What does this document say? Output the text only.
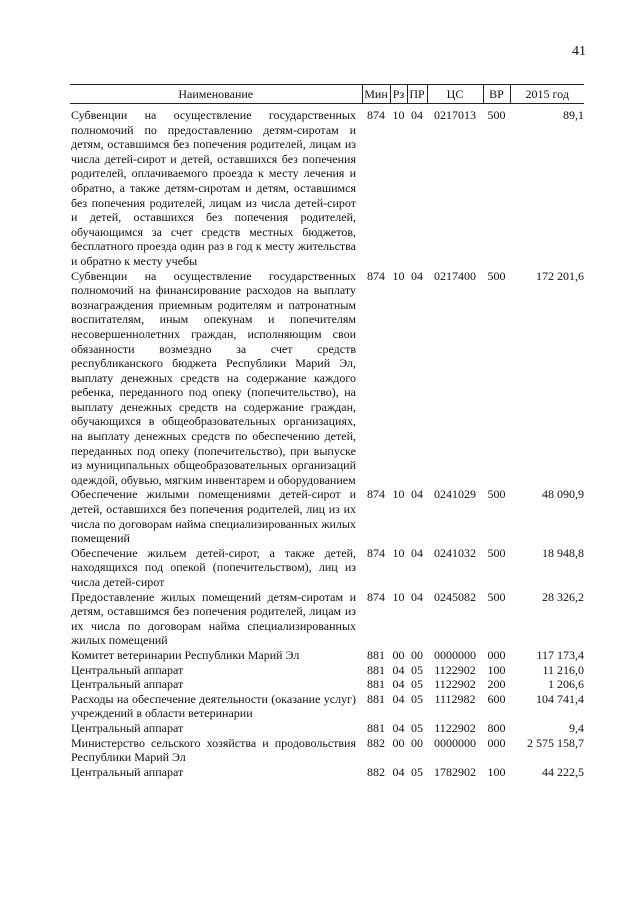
41
Наименование	Мин	Рз	ПР	ЦС	ВР	2015 год
Субвенции на осуществление государственных полномочий по предоставлению детям-сиротам и детям, оставшимся без попечения родителей, лицам из числа детей-сирот и детей, оставшихся без попечения родителей, оплачиваемого проезда к месту лечения и обратно, а также детям-сиротам и детям, оставшимся без попечения родителей, лицам из числа детей-сирот и детей, оставшихся без попечения родителей, обучающимся за счет средств местных бюджетов, бесплатного проезда один раз в год к месту жительства и обратно к месту учебы	874	10	04	0217013	500	89,1
Субвенции на осуществление государственных полномочий на финансирование расходов на выплату вознаграждения приемным родителям и патронатным воспитателям, иным опекунам и попечителям несовершеннолетних граждан, исполняющим свои обязанности возмездно за счет средств республиканского бюджета Республики Марий Эл, выплату денежных средств на содержание каждого ребенка, переданного под опеку (попечительство), на выплату денежных средств на содержание граждан, обучающихся в общеобразовательных организациях, на выплату денежных средств по обеспечению детей, переданных под опеку (попечительство), при выпуске из муниципальных общеобразовательных организаций одеждой, обувью, мягким инвентарем и оборудованием	874	10	04	0217400	500	172 201,6
Обеспечение жилыми помещениями детей-сирот и детей, оставшихся без попечения родителей, лиц из их числа по договорам найма специализированных жилых помещений	874	10	04	0241029	500	48 090,9
Обеспечение жильем детей-сирот, а также детей, находящихся под опекой (попечительством), лиц из числа детей-сирот	874	10	04	0241032	500	18 948,8
Предоставление жилых помещений детям-сиротам и детям, оставшимся без попечения родителей, лицам из их числа по договорам найма специализированных жилых помещений	874	10	04	0245082	500	28 326,2
Комитет ветеринарии Республики Марий Эл	881	00	00	0000000	000	117 173,4
Центральный аппарат	881	04	05	1122902	100	11 216,0
Центральный аппарат	881	04	05	1122902	200	1 206,6
Расходы на обеспечение деятельности (оказание услуг) учреждений в области ветеринарии	881	04	05	1112982	600	104 741,4
Центральный аппарат	881	04	05	1122902	800	9,4
Министерство сельского хозяйства и продовольствия Республики Марий Эл	882	00	00	0000000	000	2 575 158,7
Центральный аппарат	882	04	05	1782902	100	44 222,5
